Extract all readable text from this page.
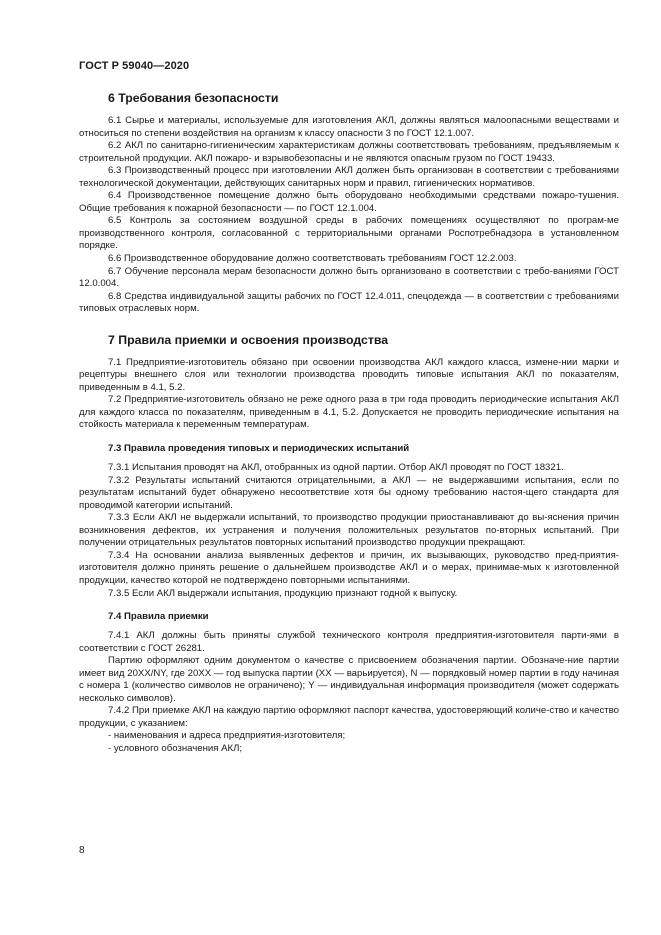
ГОСТ Р 59040—2020
6 Требования безопасности

6.1 Сырье и материалы, используемые для изготовления АКЛ, должны являться малоопасными веществами и относиться по степени воздействия на организм к классу опасности 3 по ГОСТ 12.1.007.

6.2 АКЛ по санитарно-гигиеническим характеристикам должны соответствовать требованиям, предъявляемым к строительной продукции. АКЛ пожаро- и взрывобезопасны и не являются опасным грузом по ГОСТ 19433.

6.3 Производственный процесс при изготовлении АКЛ должен быть организован в соответствии с требованиями технологической документации, действующих санитарных норм и правил, гигиенических нормативов.

6.4 Производственное помещение должно быть оборудовано необходимыми средствами пожаро-тушения. Общие требования к пожарной безопасности — по ГОСТ 12.1.004.

6.5 Контроль за состоянием воздушной среды в рабочих помещениях осуществляют по програм-ме производственного контроля, согласованной с территориальными органами Роспотребнадзора в установленном порядке.

6.6 Производственное оборудование должно соответствовать требованиям ГОСТ 12.2.003.

6.7 Обучение персонала мерам безопасности должно быть организовано в соответствии с требо-ваниями ГОСТ 12.0.004.

6.8 Средства индивидуальной защиты рабочих по ГОСТ 12.4.011, спецодежда — в соответствии с требованиями типовых отраслевых норм.

7 Правила приемки и освоения производства

7.1 Предприятие-изготовитель обязано при освоении производства АКЛ каждого класса, измене-нии марки и рецептуры внешнего слоя или технологии производства проводить типовые испытания АКЛ по показателям, приведенным в 4.1, 5.2.

7.2 Предприятие-изготовитель обязано не реже одного раза в три года проводить периодические испытания АКЛ для каждого класса по показателям, приведенным в 4.1, 5.2. Допускается не проводить периодические испытания на стойкость материала к переменным температурам.

7.3 Правила проведения типовых и периодических испытаний

7.3.1 Испытания проводят на АКЛ, отобранных из одной партии. Отбор АКЛ проводят по ГОСТ 18321.

7.3.2 Результаты испытаний считаются отрицательными, а АКЛ — не выдержавшими испытания, если по результатам испытаний будет обнаружено несоответствие хотя бы одному требованию настоя-щего стандарта для проводимой категории испытаний.

7.3.3 Если АКЛ не выдержали испытаний, то производство продукции приостанавливают до вы-яснения причин возникновения дефектов, их устранения и получения положительных результатов по-вторных испытаний. При получении отрицательных результатов повторных испытаний производство продукции прекращают.

7.3.4 На основании анализа выявленных дефектов и причин, их вызывающих, руководство пред-приятия-изготовителя должно принять решение о дальнейшем производстве АКЛ и о мерах, принимае-мых к изготовленной продукции, качество которой не подтверждено повторными испытаниями.

7.3.5 Если АКЛ выдержали испытания, продукцию признают годной к выпуску.

7.4 Правила приемки

7.4.1 АКЛ должны быть приняты службой технического контроля предприятия-изготовителя парти-ями в соответствии с ГОСТ 26281.

Партию оформляют одним документом о качестве с присвоением обозначения партии. Обозначе-ние партии имеет вид 20XX/NY, где 20XX — год выпуска партии (XX — варьируется), N — порядковый номер партии в году начиная с номера 1 (количество символов не ограничено); Y — индивидуальная информация производителя (может содержать несколько символов).

7.4.2 При приемке АКЛ на каждую партию оформляют паспорт качества, удостоверяющий количе-ство и качество продукции, с указанием:

- наименования и адреса предприятия-изготовителя;

- условного обозначения АКЛ;

8
